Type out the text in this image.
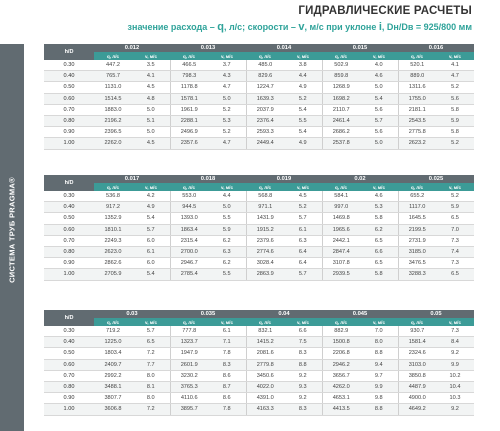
СИСТЕМА ТРУБ PRAGMA®
ГИДРАВЛИЧЕСКИЕ РАСЧЕТЫ
значение расхода – q, л/с; скорости – v, м/с при уклоне i, Dн/Dв = 925/800 мм
h/D	0.012		0.013		0.014		0.015		0.016	
	q, л/с	v, м/с	q, л/с	v, м/с	q, л/с	v, м/с	q, л/с	v, м/с	q, л/с	v, м/с
0.30	447.2	3.5	466.5	3.7	485.0	3.8	502.9	4.0	520.1	4.1
0.40	765.7	4.1	798.3	4.3	829.6	4.4	859.8	4.6	889.0	4.7
0.50	1131.0	4.5	1178.8	4.7	1224.7	4.9	1268.9	5.0	1311.6	5.2
0.60	1514.5	4.8	1578.1	5.0	1639.3	5.2	1698.2	5.4	1755.0	5.6
0.70	1883.0	5.0	1961.9	5.2	2037.9	5.4	2110.7	5.6	2181.1	5.8
0.80	2196.2	5.1	2288.1	5.3	2376.4	5.5	2461.4	5.7	2543.5	5.9
0.90	2396.5	5.0	2496.9	5.2	2593.3	5.4	2686.2	5.6	2775.8	5.8
1.00	2262.0	4.5	2357.6	4.7	2449.4	4.9	2537.8	5.0	2623.2	5.2
h/D	0.017		0.018		0.019		0.02		0.025	
	q, л/с	v, м/с	q, л/с	v, м/с	q, л/с	v, м/с	q, л/с	v, м/с	q, л/с	v, м/с
0.30	536.8	4.2	553.0	4.4	568.8	4.5	584.1	4.6	655.2	5.2
0.40	917.2	4.9	944.5	5.0	971.1	5.2	997.0	5.3	1117.0	5.9
0.50	1352.9	5.4	1393.0	5.5	1431.9	5.7	1469.8	5.8	1645.5	6.5
0.60	1810.1	5.7	1863.4	5.9	1915.2	6.1	1965.6	6.2	2199.5	7.0
0.70	2249.3	6.0	2315.4	6.2	2379.6	6.3	2442.1	6.5	2731.9	7.3
0.80	2623.0	6.1	2700.0	6.3	2774.6	6.4	2847.4	6.6	3185.0	7.4
0.90	2862.6	6.0	2946.7	6.2	3028.4	6.4	3107.8	6.5	3476.5	7.3
1.00	2705.9	5.4	2785.4	5.5	2863.9	5.7	2939.5	5.8	3288.3	6.5
h/D	0.03		0.035		0.04		0.045		0.05	
	q, л/с	v, м/с	q, л/с	v, м/с	q, л/с	v, м/с	q, л/с	v, м/с	q, л/с	v, м/с
0.30	719.2	5.7	777.8	6.1	832.1	6.6	882.9	7.0	930.7	7.3
0.40	1225.0	6.5	1323.7	7.1	1415.2	7.5	1500.8	8.0	1581.4	8.4
0.50	1803.4	7.2	1947.9	7.8	2081.6	8.3	2206.8	8.8	2324.6	9.2
0.60	2409.7	7.7	2601.9	8.3	2779.8	8.8	2946.2	9.4	3103.0	9.9
0.70	2992.2	8.0	3230.2	8.6	3450.6	9.2	3656.7	9.7	3850.8	10.2
0.80	3488.1	8.1	3765.3	8.7	4022.0	9.3	4262.0	9.9	4487.9	10.4
0.90	3807.7	8.0	4110.6	8.6	4391.0	9.2	4653.1	9.8	4900.0	10.3
1.00	3606.8	7.2	3895.7	7.8	4163.3	8.3	4413.5	8.8	4649.2	9.2
